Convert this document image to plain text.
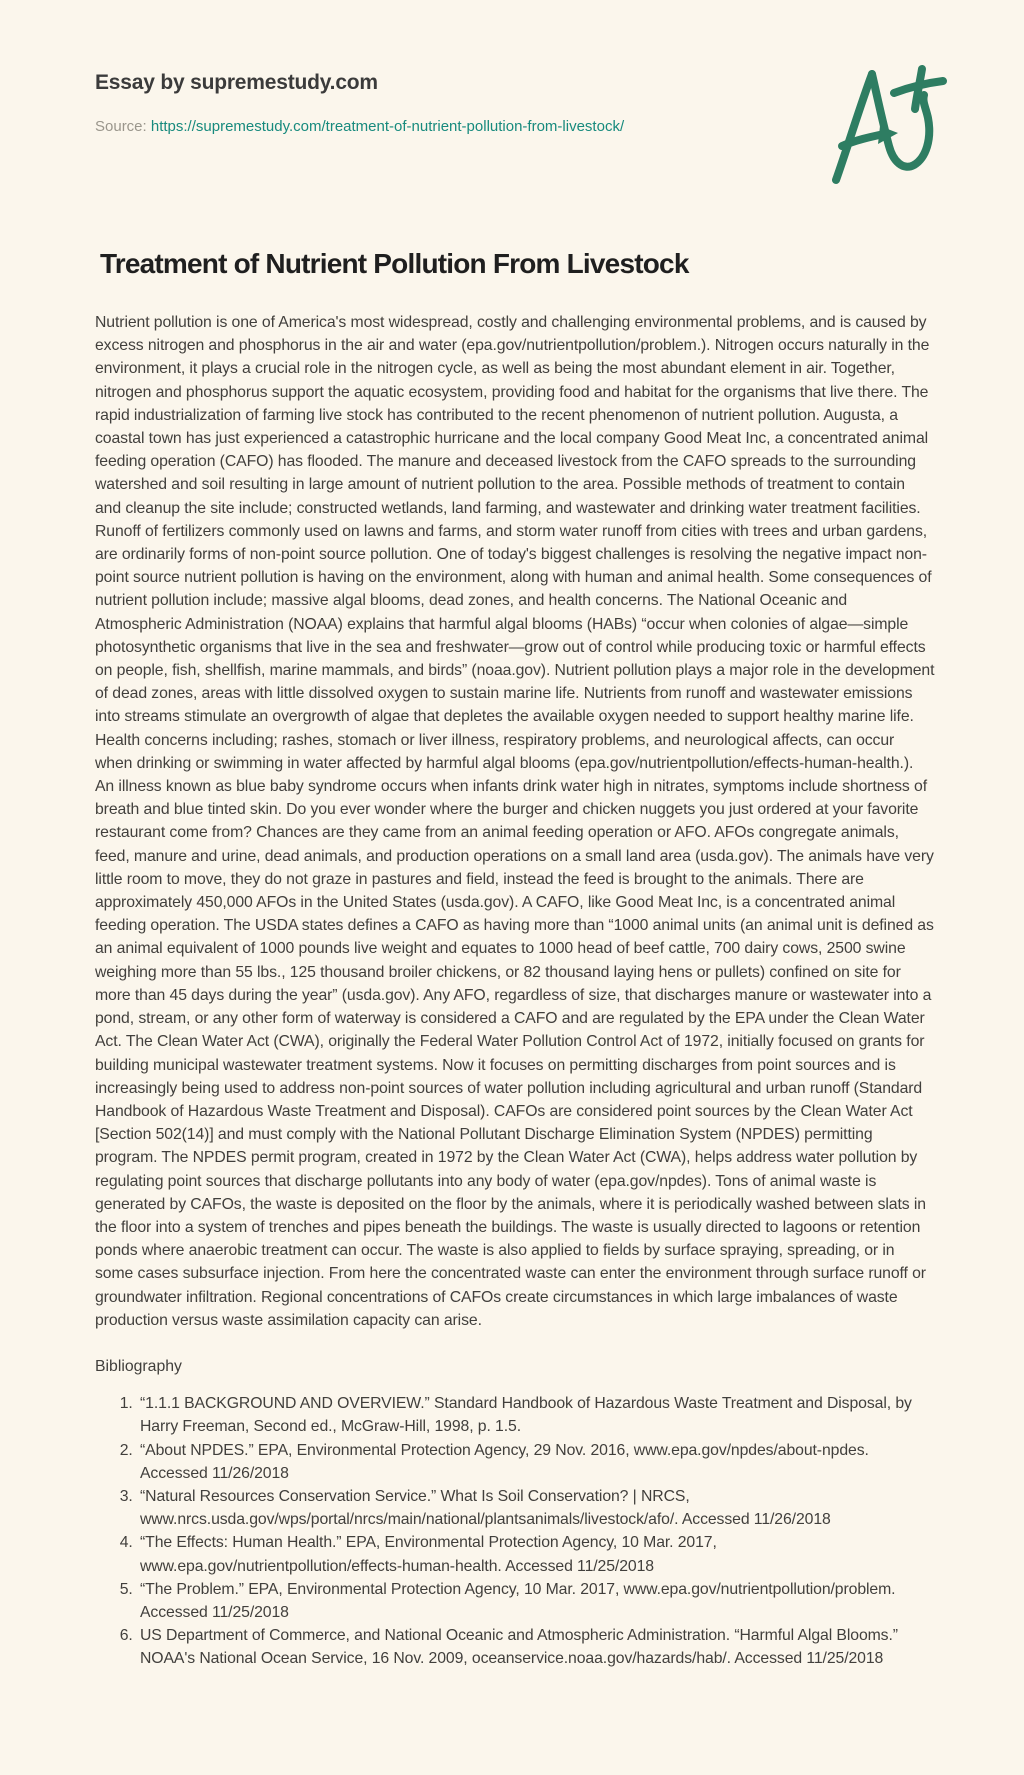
Essay by supremestudy.com
Source: https://supremestudy.com/treatment-of-nutrient-pollution-from-livestock/
Treatment of Nutrient Pollution From Livestock

Nutrient pollution is one of America's most widespread, costly and challenging environmental problems, and is caused by excess nitrogen and phosphorus in the air and water (epa.gov/nutrientpollution/problem.). Nitrogen occurs naturally in the environment, it plays a crucial role in the nitrogen cycle, as well as being the most abundant element in air. Together, nitrogen and phosphorus support the aquatic ecosystem, providing food and habitat for the organisms that live there. The rapid industrialization of farming live stock has contributed to the recent phenomenon of nutrient pollution. Augusta, a coastal town has just experienced a catastrophic hurricane and the local company Good Meat Inc, a concentrated animal feeding operation (CAFO) has flooded. The manure and deceased livestock from the CAFO spreads to the surrounding watershed and soil resulting in large amount of nutrient pollution to the area. Possible methods of treatment to contain and cleanup the site include; constructed wetlands, land farming, and wastewater and drinking water treatment facilities. Runoff of fertilizers commonly used on lawns and farms, and storm water runoff from cities with trees and urban gardens, are ordinarily forms of non-point source pollution. One of today's biggest challenges is resolving the negative impact non-point source nutrient pollution is having on the environment, along with human and animal health. Some consequences of nutrient pollution include; massive algal blooms, dead zones, and health concerns. The National Oceanic and Atmospheric Administration (NOAA) explains that harmful algal blooms (HABs) “occur when colonies of algae—simple photosynthetic organisms that live in the sea and freshwater—grow out of control while producing toxic or harmful effects on people, fish, shellfish, marine mammals, and birds” (noaa.gov). Nutrient pollution plays a major role in the development of dead zones, areas with little dissolved oxygen to sustain marine life. Nutrients from runoff and wastewater emissions into streams stimulate an overgrowth of algae that depletes the available oxygen needed to support healthy marine life. Health concerns including; rashes, stomach or liver illness, respiratory problems, and neurological affects, can occur when drinking or swimming in water affected by harmful algal blooms (epa.gov/nutrientpollution/effects-human-health.). An illness known as blue baby syndrome occurs when infants drink water high in nitrates, symptoms include shortness of breath and blue tinted skin. Do you ever wonder where the burger and chicken nuggets you just ordered at your favorite restaurant come from? Chances are they came from an animal feeding operation or AFO. AFOs congregate animals, feed, manure and urine, dead animals, and production operations on a small land area (usda.gov). The animals have very little room to move, they do not graze in pastures and field, instead the feed is brought to the animals. There are approximately 450,000 AFOs in the United States (usda.gov). A CAFO, like Good Meat Inc, is a concentrated animal feeding operation. The USDA states defines a CAFO as having more than “1000 animal units (an animal unit is defined as an animal equivalent of 1000 pounds live weight and equates to 1000 head of beef cattle, 700 dairy cows, 2500 swine weighing more than 55 lbs., 125 thousand broiler chickens, or 82 thousand laying hens or pullets) confined on site for more than 45 days during the year” (usda.gov). Any AFO, regardless of size, that discharges manure or wastewater into a pond, stream, or any other form of waterway is considered a CAFO and are regulated by the EPA under the Clean Water Act. The Clean Water Act (CWA), originally the Federal Water Pollution Control Act of 1972, initially focused on grants for building municipal wastewater treatment systems. Now it focuses on permitting discharges from point sources and is increasingly being used to address non-point sources of water pollution including agricultural and urban runoff (Standard Handbook of Hazardous Waste Treatment and Disposal). CAFOs are considered point sources by the Clean Water Act [Section 502(14)] and must comply with the National Pollutant Discharge Elimination System (NPDES) permitting program. The NPDES permit program, created in 1972 by the Clean Water Act (CWA), helps address water pollution by regulating point sources that discharge pollutants into any body of water (epa.gov/npdes). Tons of animal waste is generated by CAFOs, the waste is deposited on the floor by the animals, where it is periodically washed between slats in the floor into a system of trenches and pipes beneath the buildings. The waste is usually directed to lagoons or retention ponds where anaerobic treatment can occur. The waste is also applied to fields by surface spraying, spreading, or in some cases subsurface injection. From here the concentrated waste can enter the environment through surface runoff or groundwater infiltration. Regional concentrations of CAFOs create circumstances in which large imbalances of waste production versus waste assimilation capacity can arise.

Bibliography

1. “1.1.1 BACKGROUND AND OVERVIEW.” Standard Handbook of Hazardous Waste Treatment and Disposal, by Harry Freeman, Second ed., McGraw-Hill, 1998, p. 1.5.
2. “About NPDES.” EPA, Environmental Protection Agency, 29 Nov. 2016, www.epa.gov/npdes/about-npdes. Accessed 11/26/2018
3. “Natural Resources Conservation Service.” What Is Soil Conservation? | NRCS, www.nrcs.usda.gov/wps/portal/nrcs/main/national/plantsanimals/livestock/afo/. Accessed 11/26/2018
4. “The Effects: Human Health.” EPA, Environmental Protection Agency, 10 Mar. 2017, www.epa.gov/nutrientpollution/effects-human-health. Accessed 11/25/2018
5. “The Problem.” EPA, Environmental Protection Agency, 10 Mar. 2017, www.epa.gov/nutrientpollution/problem. Accessed 11/25/2018
6. US Department of Commerce, and National Oceanic and Atmospheric Administration. “Harmful Algal Blooms.” NOAA's National Ocean Service, 16 Nov. 2009, oceanservice.noaa.gov/hazards/hab/. Accessed 11/25/2018
